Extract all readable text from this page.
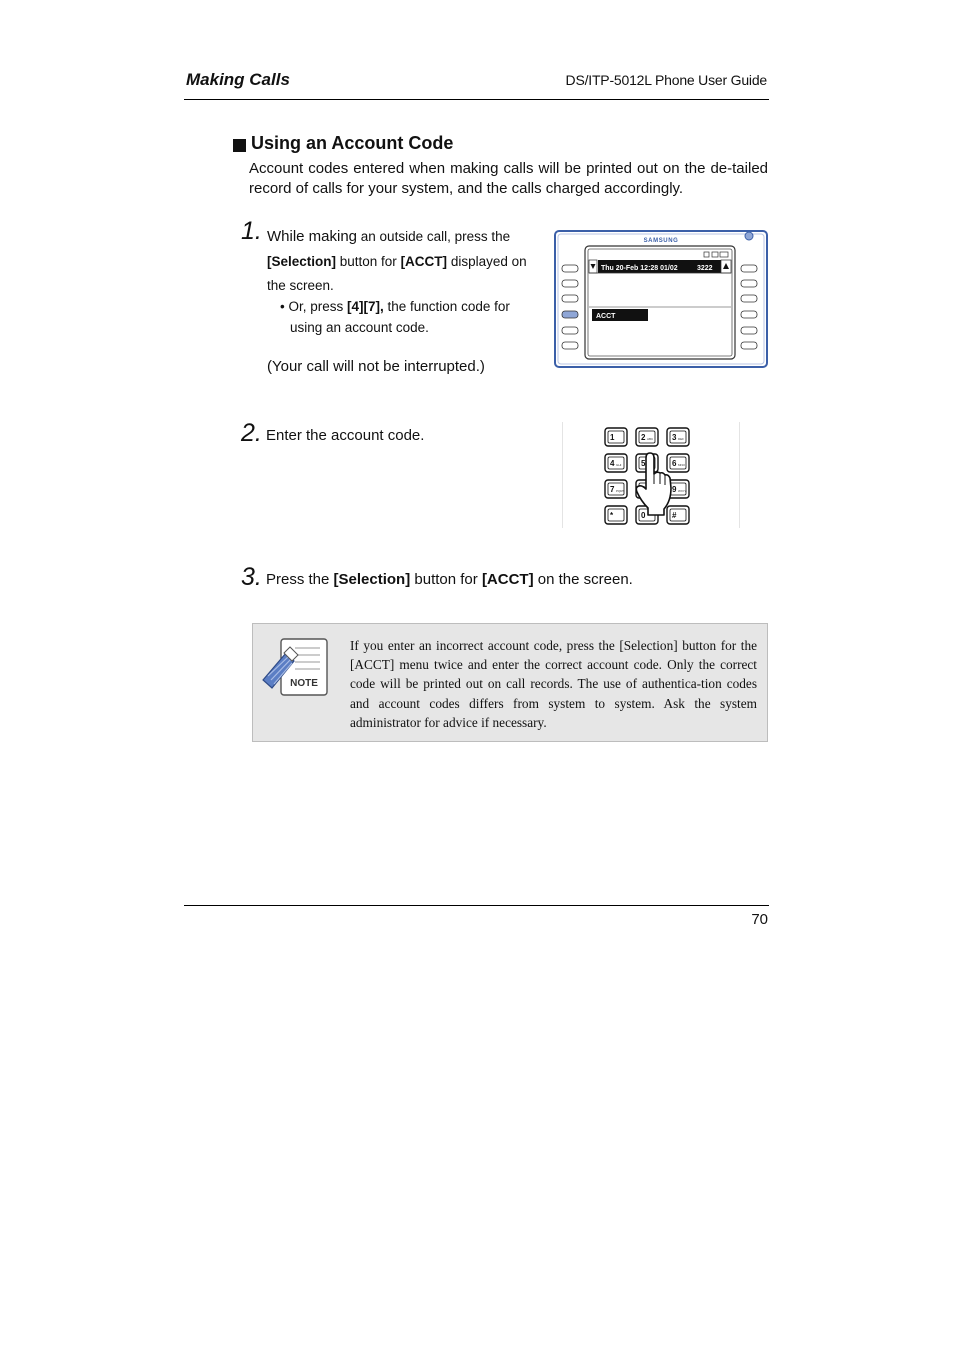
Making Calls	DS/ITP-5012L Phone User Guide
Using an Account Code
Account codes entered when making calls will be printed out on the de-tailed record of calls for your system, and the calls charged accordingly.
1. While making an outside call, press the
[Selection] button for [ACCT] displayed on the screen.
• Or, press [4][7], the function code for
using an account code.
(Your call will not be interrupted.)
SAMSUNG
Thu 20-Feb 12:28 01/02	3222
ACCT
2. Enter the account code.	1	2 ABC 3 DEF
4 GHI 5	6 MNO
7 PQRS	9 WXYZ
*	0	#
3. Press the [Selection] button for [ACCT] on the screen.
NOTE
If you enter an incorrect account code, press the [Selection] button for the [ACCT] menu twice and enter the correct account code. Only the correct code will be printed out on call records. The use of authentica-tion codes and account codes differs from system to system. Ask the system administrator for advice if necessary.
70
